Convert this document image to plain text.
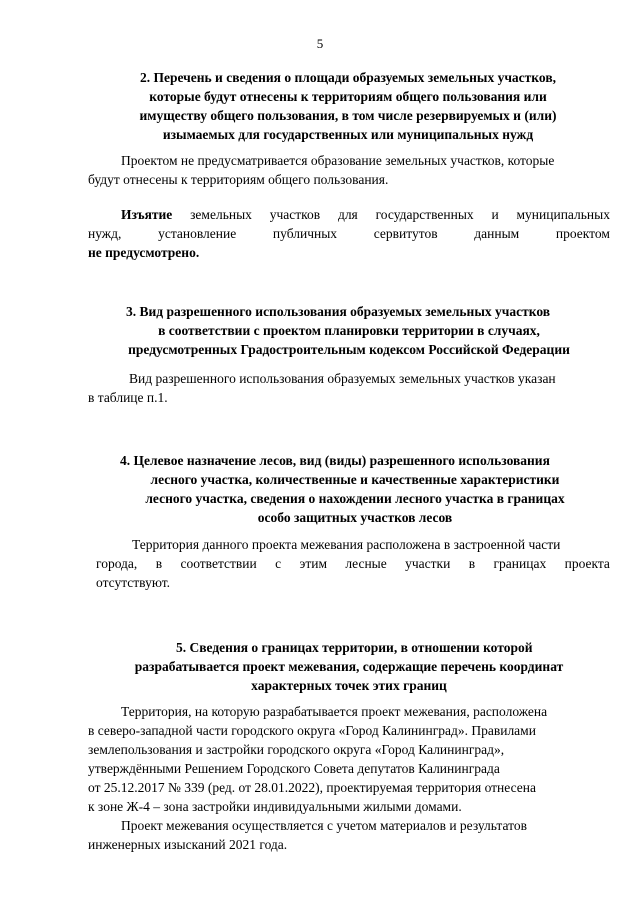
5
2. Перечень и сведения о площади образуемых земельных участков,
которые будут отнесены к территориям общего пользования или
имуществу общего пользования, в том числе резервируемых и (или)
изымаемых для государственных или муниципальных нужд
Проектом не предусматривается образование земельных участков, которые
будут отнесены к территориям общего пользования.
Изъятие земельных участков для государственных и муниципальных
нужд,	установление	публичных	сервитутов	данным	проектом
не предусмотрено.
3. Вид разрешенного использования образуемых земельных участков
в соответствии с проектом планировки территории в случаях,
предусмотренных Градостроительным кодексом Российской Федерации
Вид разрешенного использования образуемых земельных участков указан
в таблице п.1.
4. Целевое назначение лесов, вид (виды) разрешенного использования
лесного участка, количественные и качественные характеристики
лесного участка, сведения о нахождении лесного участка в границах
особо защитных участков лесов
Территория данного проекта межевания расположена в застроенной части
города, в соответствии с этим лесные участки в границах проекта
отсутствуют.
5. Сведения о границах территории, в отношении которой
разрабатывается проект межевания, содержащие перечень координат
характерных точек этих границ
Территория, на которую разрабатывается проект межевания, расположена
в северо-западной части городского округа «Город Калининград». Правилами
землепользования и застройки городского округа «Город Калининград»,
утверждёнными Решением Городского Совета депутатов Калининграда
от 25.12.2017 № 339 (ред. от 28.01.2022), проектируемая территория отнесена
к зоне Ж-4 – зона застройки индивидуальными жилыми домами.
Проект межевания осуществляется с учетом материалов и результатов
инженерных изысканий 2021 года.
